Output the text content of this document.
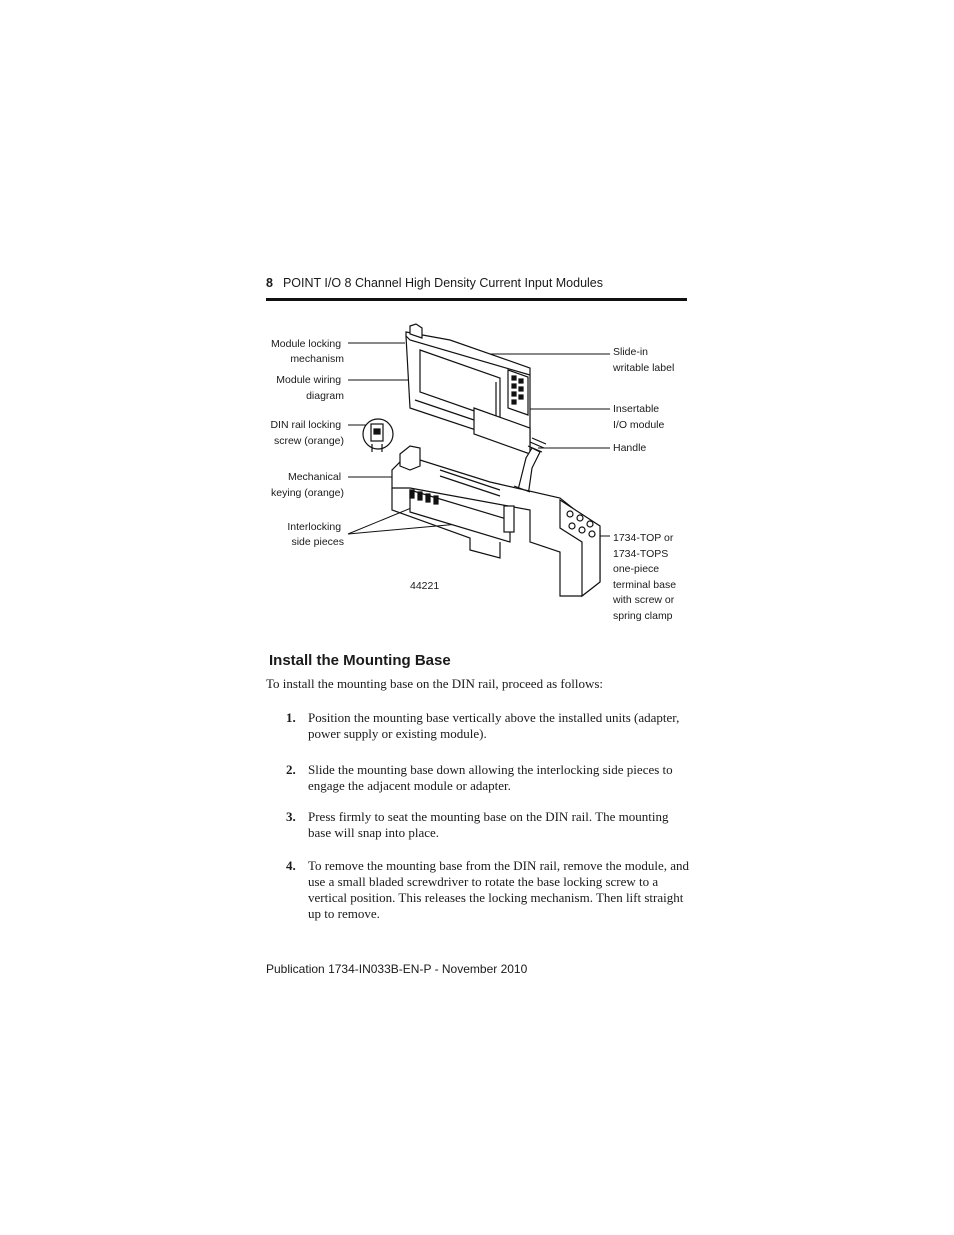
8 POINT I/O 8 Channel High Density Current Input Modules
Module locking mechanism
Module wiring diagram
DIN rail locking screw (orange)
Mechanical keying (orange)
Interlocking side pieces
Slide-in writable label
Insertable I/O module
Handle
1734-TOP or 1734-TOPS one-piece terminal base with screw or spring clamp
44221
Install the Mounting Base
To install the mounting base on the DIN rail, proceed as follows:
1. Position the mounting base vertically above the installed units (adapter, power supply or existing module).
2. Slide the mounting base down allowing the interlocking side pieces to engage the adjacent module or adapter.
3. Press firmly to seat the mounting base on the DIN rail. The mounting base will snap into place.
4. To remove the mounting base from the DIN rail, remove the module, and use a small bladed screwdriver to rotate the base locking screw to a vertical position. This releases the locking mechanism. Then lift straight up to remove.
Publication 1734-IN033B-EN-P - November 2010
